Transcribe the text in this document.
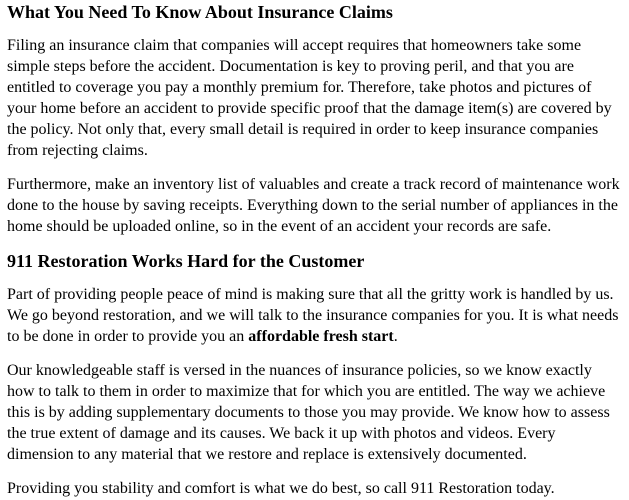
What You Need To Know About Insurance Claims

Filing an insurance claim that companies will accept requires that homeowners take some simple steps before the accident. Documentation is key to proving peril, and that you are entitled to coverage you pay a monthly premium for. Therefore, take photos and pictures of your home before an accident to provide specific proof that the damage item(s) are covered by the policy. Not only that, every small detail is required in order to keep insurance companies from rejecting claims.

Furthermore, make an inventory list of valuables and create a track record of maintenance work done to the house by saving receipts. Everything down to the serial number of appliances in the home should be uploaded online, so in the event of an accident your records are safe.

911 Restoration Works Hard for the Customer

Part of providing people peace of mind is making sure that all the gritty work is handled by us. We go beyond restoration, and we will talk to the insurance companies for you. It is what needs to be done in order to provide you an affordable fresh start.

Our knowledgeable staff is versed in the nuances of insurance policies, so we know exactly how to talk to them in order to maximize that for which you are entitled. The way we achieve this is by adding supplementary documents to those you may provide. We know how to assess the true extent of damage and its causes. We back it up with photos and videos. Every dimension to any material that we restore and replace is extensively documented.

Providing you stability and comfort is what we do best, so call 911 Restoration today.
